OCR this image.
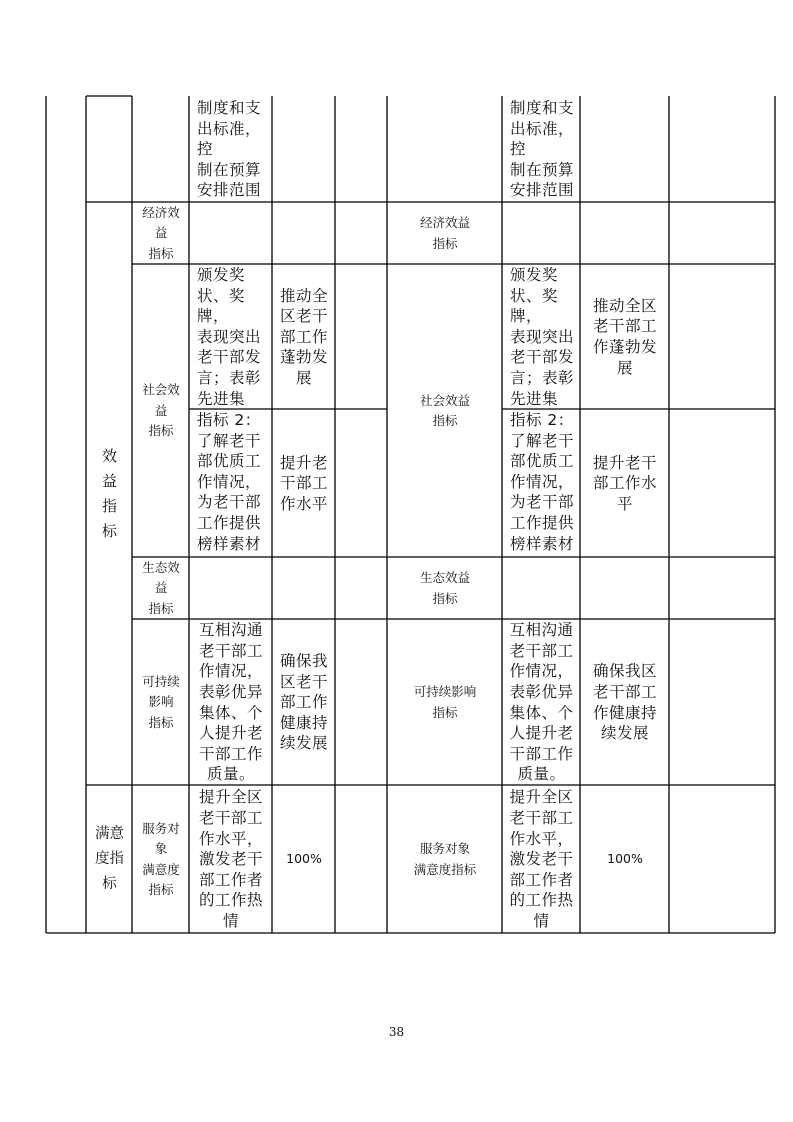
制度和支
出标准，控
制在预算
安排范围

制度和支
出标准，控
制在预算
安排范围

效
益
指
标
经济效
益
指标
经济效益
指标
社会效
益
指标
社会效益
指标
颁发奖
状、奖牌，
表现突出
老干部发
言；表彰
先进集

推动全
区老干
部工作
蓬勃发
展
颁发奖
状、奖牌，
表现突出
老干部发
言；表彰
先进集

推动全区
老干部工
作蓬勃发
展
指标 2：
了解老干
部优质工
作情况，
为老干部
工作提供
榜样素材
提升老
干部工
作水平
指标 2：
了解老干
部优质工
作情况，
为老干部
工作提供
榜样素材
提升老干
部工作水
平
生态效
益
指标
生态效益
指标
可持续
影响
指标
互相沟通
老干部工
作情况，
表彰优异
集体、个
人提升老
干部工作
质量。
确保我
区老干
部工作
健康持
续发展
可持续影响
指标
互相沟通
老干部工
作情况，
表彰优异
集体、个
人提升老
干部工作
质量。
确保我区
老干部工
作健康持
续发展
满意
度指
标
服务对
象
满意度
指标
提升全区
老干部工
作水平，
激发老干
部工作者
的工作热
情
100%
服务对象
满意度指标
提升全区
老干部工
作水平，
激发老干
部工作者
的工作热
情
100%
38
